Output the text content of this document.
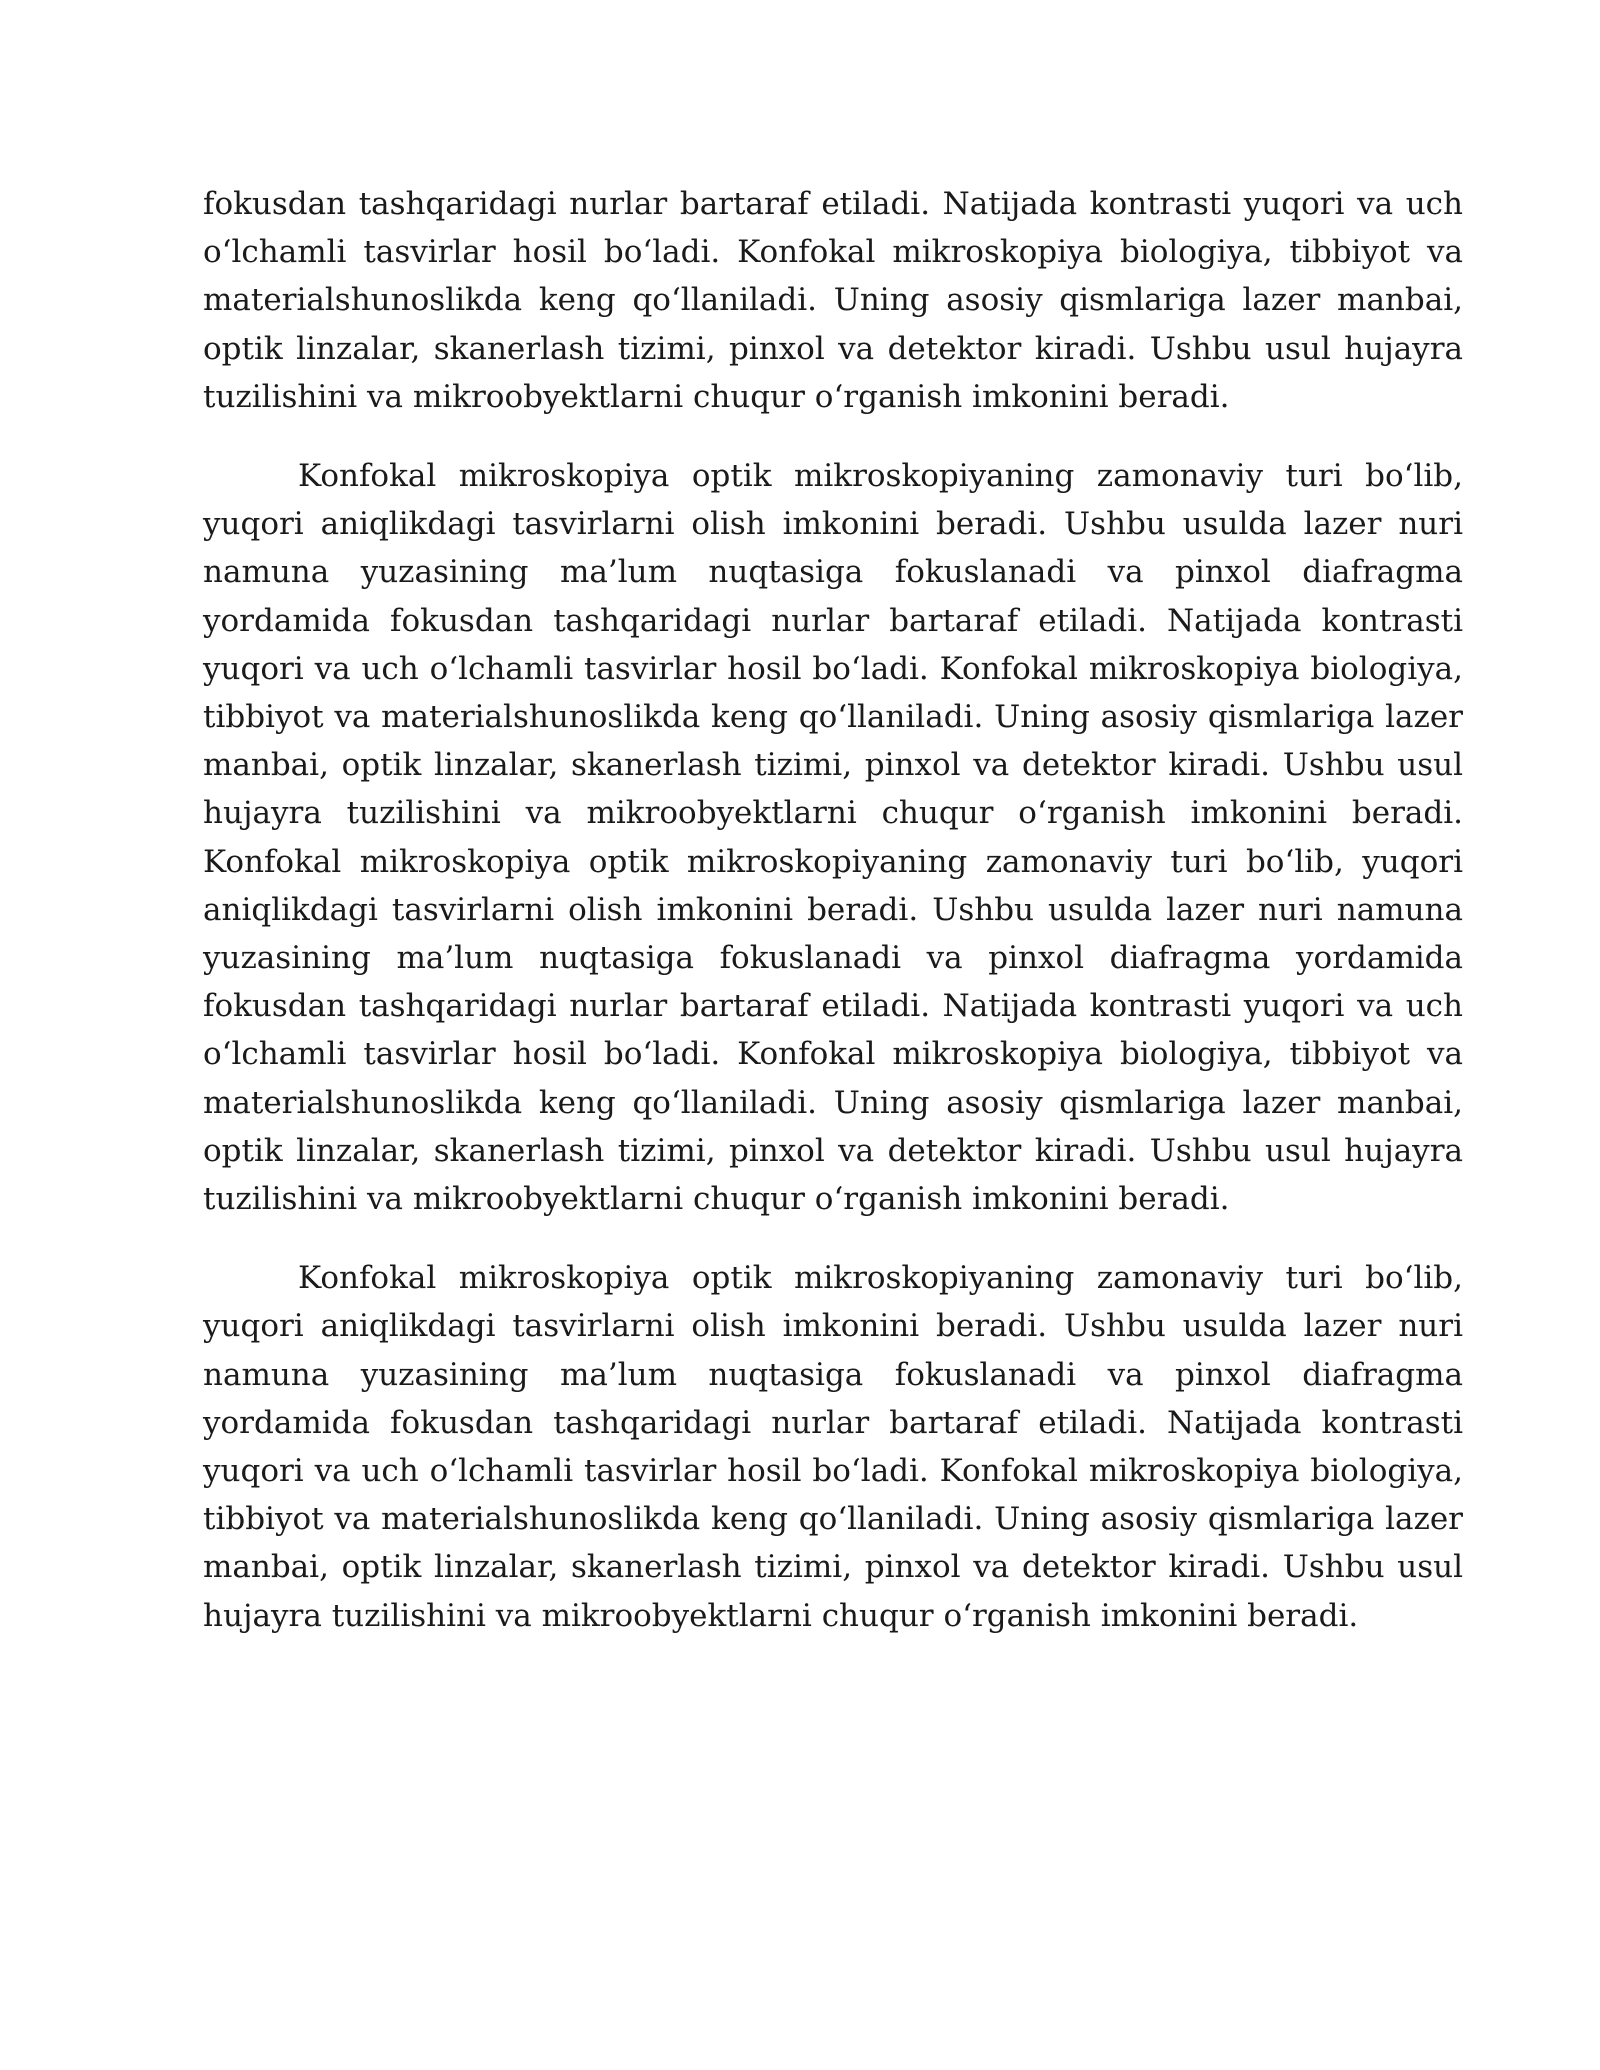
fokusdan tashqaridagi nurlar bartaraf etiladi. Natijada kontrasti yuqori va uch o‘lchamli tasvirlar hosil bo‘ladi. Konfokal mikroskopiya biologiya, tibbiyot va materialshunoslikda keng qo‘llaniladi. Uning asosiy qismlariga lazer manbai, optik linzalar, skanerlash tizimi, pinxol va detektor kiradi. Ushbu usul hujayra tuzilishini va mikroobyektlarni chuqur o‘rganish imkonini beradi.

Konfokal mikroskopiya optik mikroskopiyaning zamonaviy turi bo‘lib, yuqori aniqlikdagi tasvirlarni olish imkonini beradi. Ushbu usulda lazer nuri namuna yuzasining ma’lum nuqtasiga fokuslanadi va pinxol diafragma yordamida fokusdan tashqaridagi nurlar bartaraf etiladi. Natijada kontrasti yuqori va uch o‘lchamli tasvirlar hosil bo‘ladi. Konfokal mikroskopiya biologiya, tibbiyot va materialshunoslikda keng qo‘llaniladi. Uning asosiy qismlariga lazer manbai, optik linzalar, skanerlash tizimi, pinxol va detektor kiradi. Ushbu usul hujayra tuzilishini va mikroobyektlarni chuqur o‘rganish imkonini beradi. Konfokal mikroskopiya optik mikroskopiyaning zamonaviy turi bo‘lib, yuqori aniqlikdagi tasvirlarni olish imkonini beradi. Ushbu usulda lazer nuri namuna yuzasining ma’lum nuqtasiga fokuslanadi va pinxol diafragma yordamida fokusdan tashqaridagi nurlar bartaraf etiladi. Natijada kontrasti yuqori va uch o‘lchamli tasvirlar hosil bo‘ladi. Konfokal mikroskopiya biologiya, tibbiyot va materialshunoslikda keng qo‘llaniladi. Uning asosiy qismlariga lazer manbai, optik linzalar, skanerlash tizimi, pinxol va detektor kiradi. Ushbu usul hujayra tuzilishini va mikroobyektlarni chuqur o‘rganish imkonini beradi.

Konfokal mikroskopiya optik mikroskopiyaning zamonaviy turi bo‘lib, yuqori aniqlikdagi tasvirlarni olish imkonini beradi. Ushbu usulda lazer nuri namuna yuzasining ma’lum nuqtasiga fokuslanadi va pinxol diafragma yordamida fokusdan tashqaridagi nurlar bartaraf etiladi. Natijada kontrasti yuqori va uch o‘lchamli tasvirlar hosil bo‘ladi. Konfokal mikroskopiya biologiya, tibbiyot va materialshunoslikda keng qo‘llaniladi. Uning asosiy qismlariga lazer manbai, optik linzalar, skanerlash tizimi, pinxol va detektor kiradi. Ushbu usul hujayra tuzilishini va mikroobyektlarni chuqur o‘rganish imkonini beradi.
